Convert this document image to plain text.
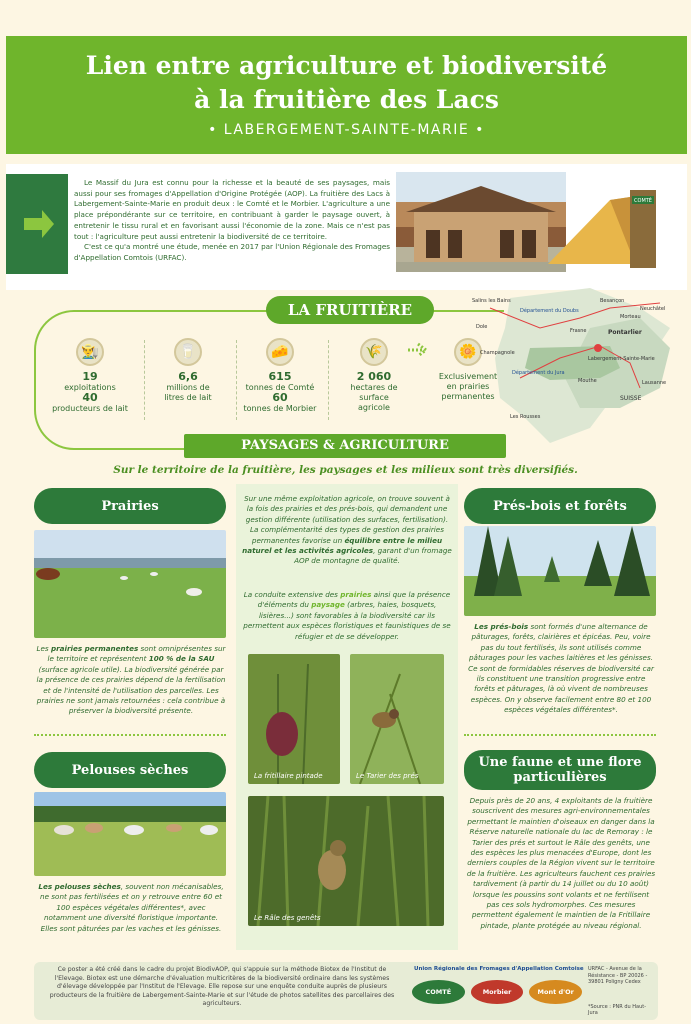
Lien entre agriculture et biodiversité
à la fruitière des Lacs
• LABERGEMENT-SAINTE-MARIE •

Le Massif du Jura est connu pour la richesse et la beauté de ses paysages, mais aussi pour ses fromages d'Appellation d'Origine Protégée (AOP). La fruitière des Lacs à Labergement-Sainte-Marie en produit deux : le Comté et le Morbier. L'agriculture a une place prépondérante sur ce territoire, en contribuant à garder le paysage ouvert, à entretenir le tissu rural et en favorisant aussi l'économie de la zone. Mais ce n'est pas tout : l'agriculture peut aussi entretenir la biodiversité de ce territoire.

C'est ce qu'a montré une étude, menée en 2017 par l'Union Régionale des Fromages d'Appellation Comtois (URFAC).

COMTÉ
LA FRUITIÈRE
👨‍🌾
19
exploitations
40
producteurs de lait
🥛
6,6
millions de litres de lait
🧀
615
tonnes de Comté
60
tonnes de Morbier
🌾
2 060
hectares de surface agricole
🌼
Exclusivement en prairies permanentes
Besançon
Morteau
Pontarlier
Neuchâtel
Département du Doubs
Département du Jura
Champagnole
Frasne
Labergement-Sainte-Marie
Mouthe
SUISSE
Lausanne
Les Rousses
Dole
Salins les Bains
PAYSAGES & AGRICULTURE
Sur le territoire de la fruitière, les paysages et les milieux sont très diversifiés.
Prairies
Les prairies permanentes sont omniprésentes sur le territoire et représentent 100 % de la SAU (surface agricole utile). La biodiversité générée par la présence de ces prairies dépend de la fertilisation et de l'intensité de l'utilisation des parcelles. Les prairies ne sont jamais retournées : cela contribue à préserver la biodiversité présente.
Pelouses sèches
Les pelouses sèches, souvent non mécanisables, ne sont pas fertilisées et on y retrouve entre 60 et 100 espèces végétales différentes*, avec notamment une diversité floristique importante. Elles sont pâturées par les vaches et les génisses.
Sur une même exploitation agricole, on trouve souvent à la fois des prairies et des prés-bois, qui demandent une gestion différente (utilisation des surfaces, fertilisation). La complémentarité des types de gestion des prairies permanentes favorise un équilibre entre le milieu naturel et les activités agricoles, garant d'un fromage AOP de montagne de qualité.
La conduite extensive des prairies ainsi que la présence d'éléments du paysage (arbres, haies, bosquets, lisières...) sont favorables à la biodiversité car ils permettent aux espèces floristiques et faunistiques de se réfugier et de se développer.
La fritillaire pintade	Le Tarier des prés
Le Râle des genêts
Prés-bois et forêts
Les prés-bois sont formés d'une alternance de pâturages, forêts, clairières et épicéas. Peu, voire pas du tout fertilisés, ils sont utilisés comme pâturages pour les vaches laitières et les génisses. Ce sont de formidables réserves de biodiversité car ils constituent une transition progressive entre forêts et pâturages, là où vivent de nombreuses espèces. On y observe facilement entre 80 et 100 espèces végétales différentes*.
Une faune et une flore
particulières
Depuis près de 20 ans, 4 exploitants de la fruitière souscrivent des mesures agri-environnementales permettant le maintien d'oiseaux en danger dans la Réserve naturelle nationale du lac de Remoray : le Tarier des prés et surtout le Râle des genêts, une des espèces les plus menacées d'Europe, dont les derniers couples de la Région vivent sur le territoire de la fruitière. Les agriculteurs fauchent ces prairies tardivement (à partir du 14 juillet ou du 10 août) lorsque les poussins sont volants et ne fertilisent pas ces sols hydromorphes. Ces mesures permettent également le maintien de la Fritillaire pintade, plante protégée au niveau régional.
Ce poster a été créé dans le cadre du projet BiodivAOP, qui s'appuie sur la méthode Biotex de l'Institut de l'Elevage. Biotex est une démarche d'évaluation multicritères de la biodiversité ordinaire dans les systèmes d'élevage développée par l'Institut de l'Elevage. Elle repose sur une enquête conduite auprès de plusieurs producteurs de la fruitière de Labergement-Sainte-Marie et sur l'étude de photos satellites des parcellaires des agriculteurs.
Union Régionale des Fromages d'Appellation Comtoise
COMTÉ	Morbier	Mont d'Or
URFAC - Avenue de la Résistance - BP 20026 - 39801 Poligny Cedex
*Source : PNR du Haut-Jura
